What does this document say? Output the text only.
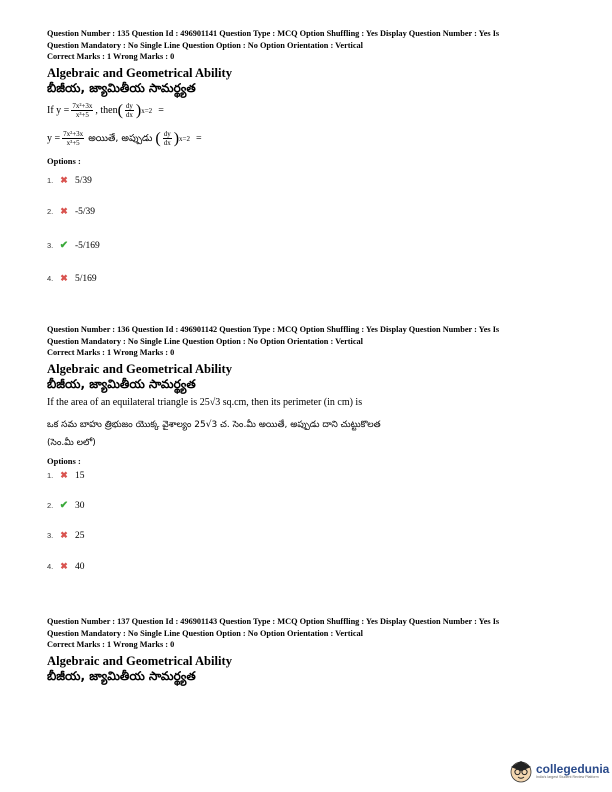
Question Number : 135 Question Id : 496901141 Question Type : MCQ Option Shuffling : Yes Display Question Number : Yes Is
Question Mandatory : No Single Line Question Option : No Option Orientation : Vertical
Correct Marks : 1 Wrong Marks : 0
Algebraic and Geometrical Ability
బీజీయ, జ్యామితీయ సామర్థ్యత
If $y = \frac{\text{7x²+3x}}{\text{x³+5}}$ , then ( $\frac{dy}{dx}$ ) x=2 =
$y = \frac{\text{7x²+3x}}{\text{x³+5}}$ అయితే, అప్పుడు ( $\frac{dy}{dx}$ ) x=2 =
Options :
1. ✖ 5/39
2. ✖ -5/39
3. ✔ -5/169
4. ✖ 5/169
Question Number : 136 Question Id : 496901142 Question Type : MCQ Option Shuffling : Yes Display Question Number : Yes Is
Question Mandatory : No Single Line Question Option : No Option Orientation : Vertical
Correct Marks : 1 Wrong Marks : 0
Algebraic and Geometrical Ability
బీజీయ, జ్యామితీయ సామర్థ్యత
If the area of an equilateral triangle is 25√3 sq.cm, then its perimeter (in cm) is
ఒక సమ బాహు త్రిభుజం యొక్క వైశాల్యం 25√3 చ. సెం.మీ అయితే, అప్పుడు దాని చుట్టుకొలత
(సెం.మీ లలో)
Options :
1. ✖ 15
2. ✔ 30
3. ✖ 25
4. ✖ 40
Question Number : 137 Question Id : 496901143 Question Type : MCQ Option Shuffling : Yes Display Question Number : Yes Is
Question Mandatory : No Single Line Question Option : No Option Orientation : Vertical
Correct Marks : 1 Wrong Marks : 0
Algebraic and Geometrical Ability
బీజీయ, జ్యామితీయ సామర్థ్యత
collegedunia
India's largest Student Review Platform
